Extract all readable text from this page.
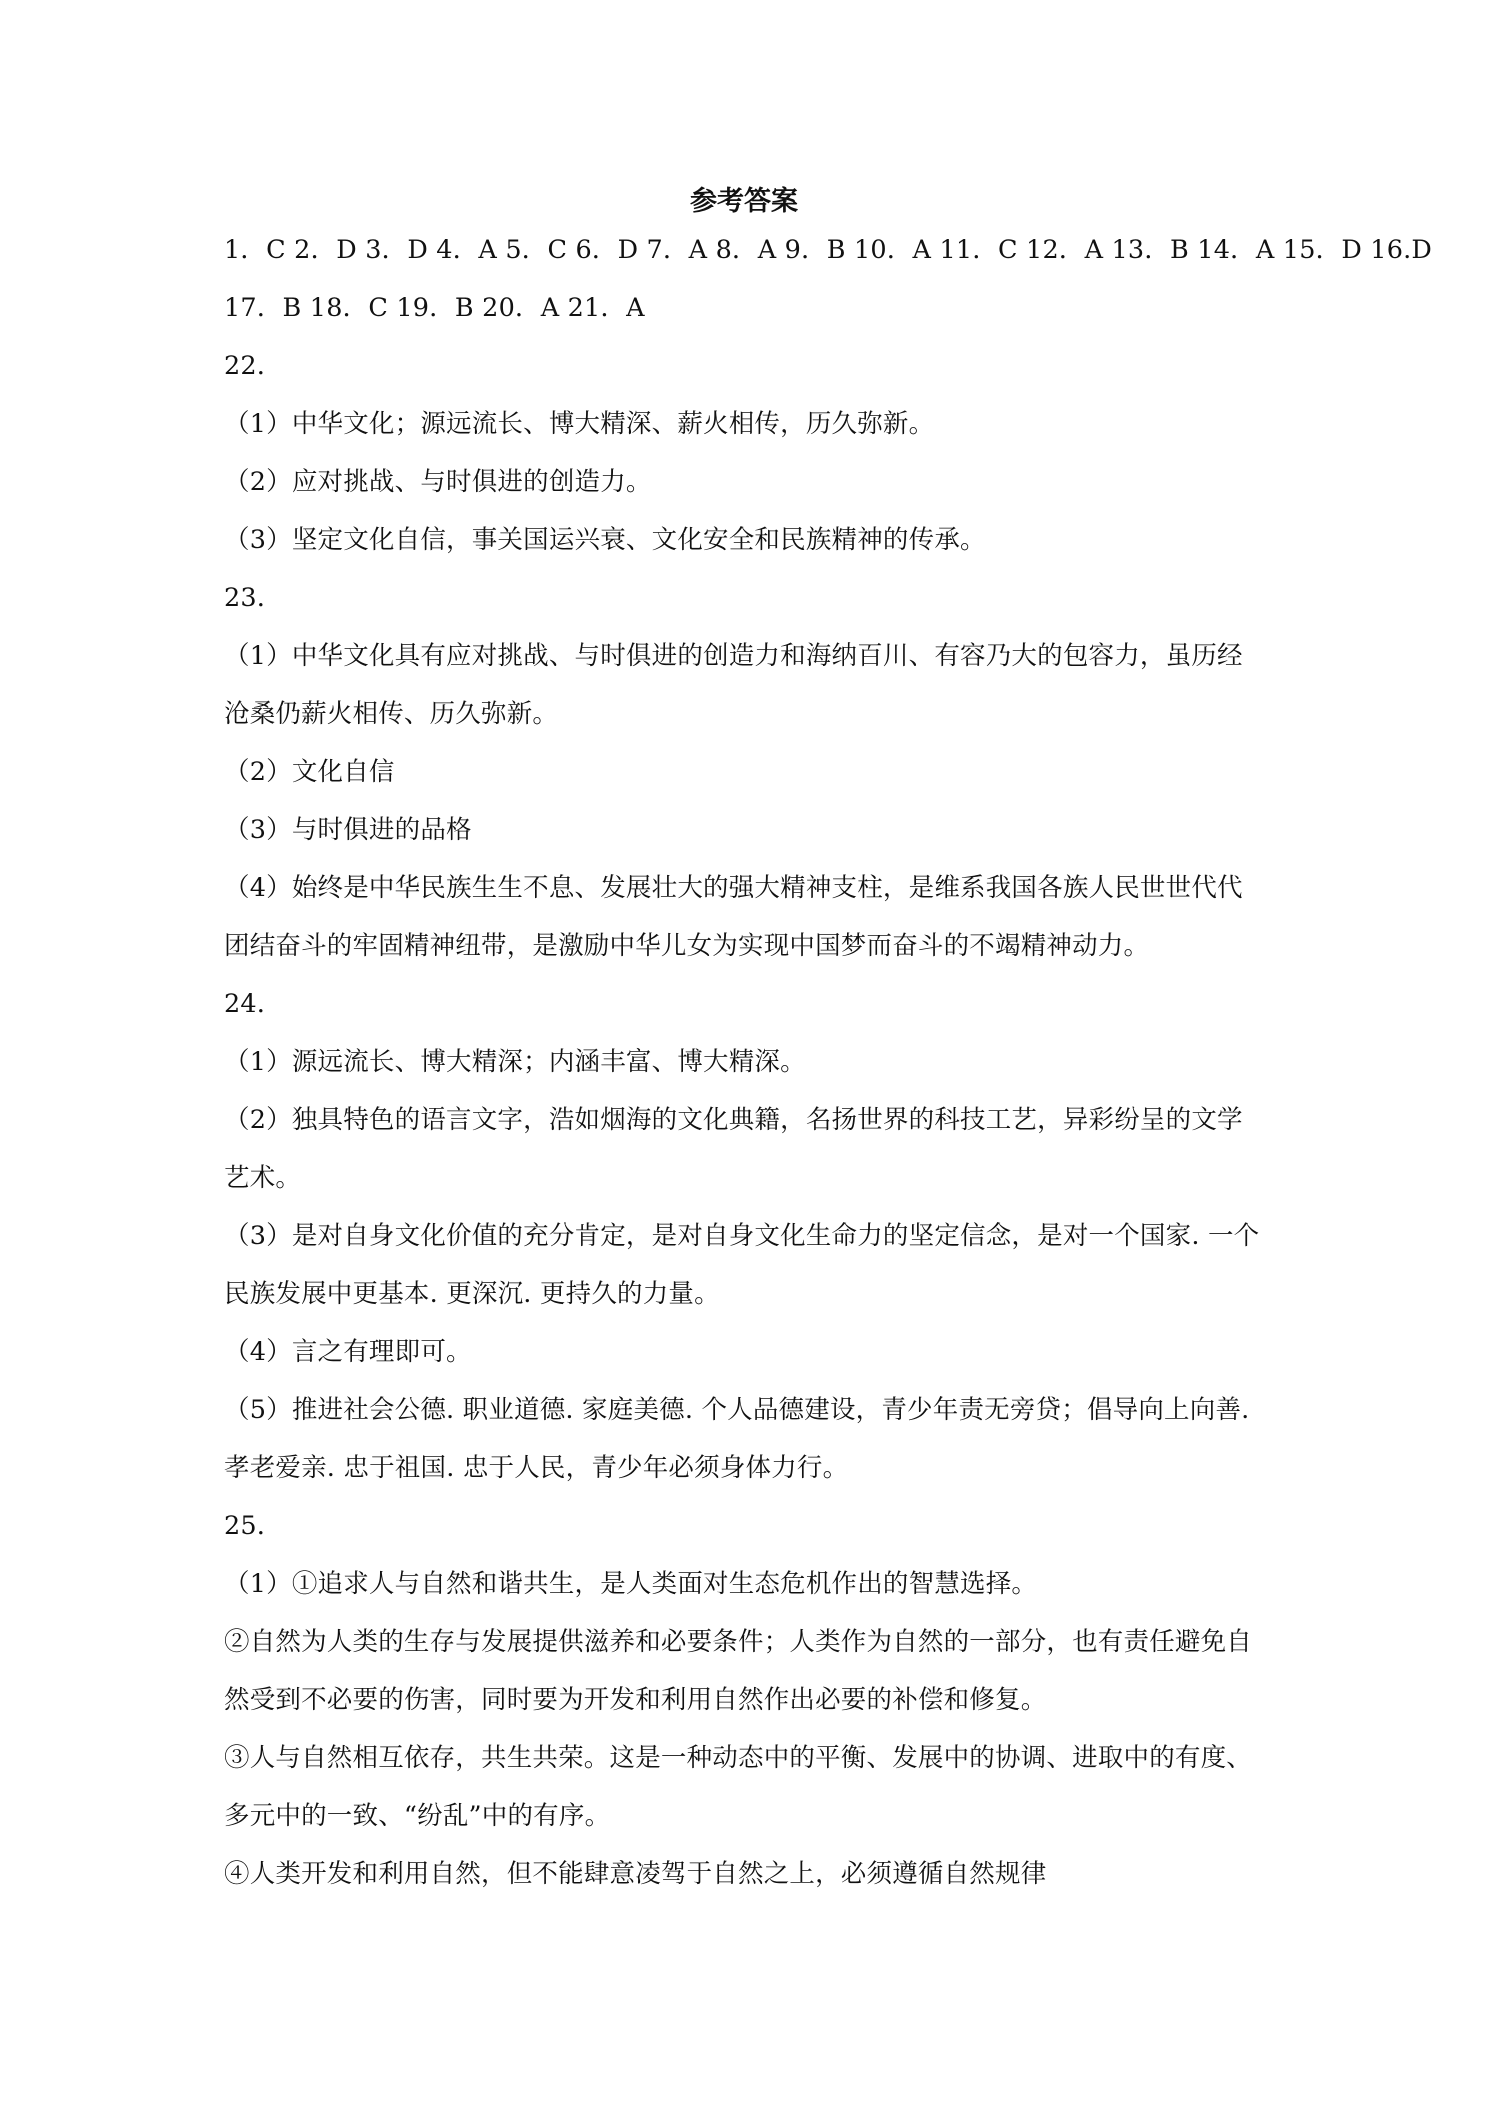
参考答案
1．C 2．D 3．D 4．A 5．C 6．D 7．A 8．A 9．B 10．A 11．C 12．A 13．B 14．A 15．D 16.D
17．B 18．C 19．B 20．A 21．A
22．
（1）中华文化；源远流长、博大精深、薪火相传，历久弥新。
（2）应对挑战、与时俱进的创造力。
（3）坚定文化自信，事关国运兴衰、文化安全和民族精神的传承。
23．
（1）中华文化具有应对挑战、与时俱进的创造力和海纳百川、有容乃大的包容力，虽历经
沧桑仍薪火相传、历久弥新。
（2）文化自信
（3）与时俱进的品格
（4）始终是中华民族生生不息、发展壮大的强大精神支柱，是维系我国各族人民世世代代
团结奋斗的牢固精神纽带，是激励中华儿女为实现中国梦而奋斗的不竭精神动力。
24．
（1）源远流长、博大精深；内涵丰富、博大精深。
（2）独具特色的语言文字，浩如烟海的文化典籍，名扬世界的科技工艺，异彩纷呈的文学
艺术。
（3）是对自身文化价值的充分肯定，是对自身文化生命力的坚定信念，是对一个国家. 一个
民族发展中更基本. 更深沉. 更持久的力量。
（4）言之有理即可。
（5）推进社会公德. 职业道德. 家庭美德. 个人品德建设，青少年责无旁贷；倡导向上向善.
孝老爱亲. 忠于祖国. 忠于人民，青少年必须身体力行。
25．
（1）①追求人与自然和谐共生，是人类面对生态危机作出的智慧选择。
②自然为人类的生存与发展提供滋养和必要条件；人类作为自然的一部分，也有责任避免自
然受到不必要的伤害，同时要为开发和利用自然作出必要的补偿和修复。
③人与自然相互依存，共生共荣。这是一种动态中的平衡、发展中的协调、进取中的有度、
多元中的一致、“纷乱”中的有序。
④人类开发和利用自然，但不能肆意凌驾于自然之上，必须遵循自然规律
